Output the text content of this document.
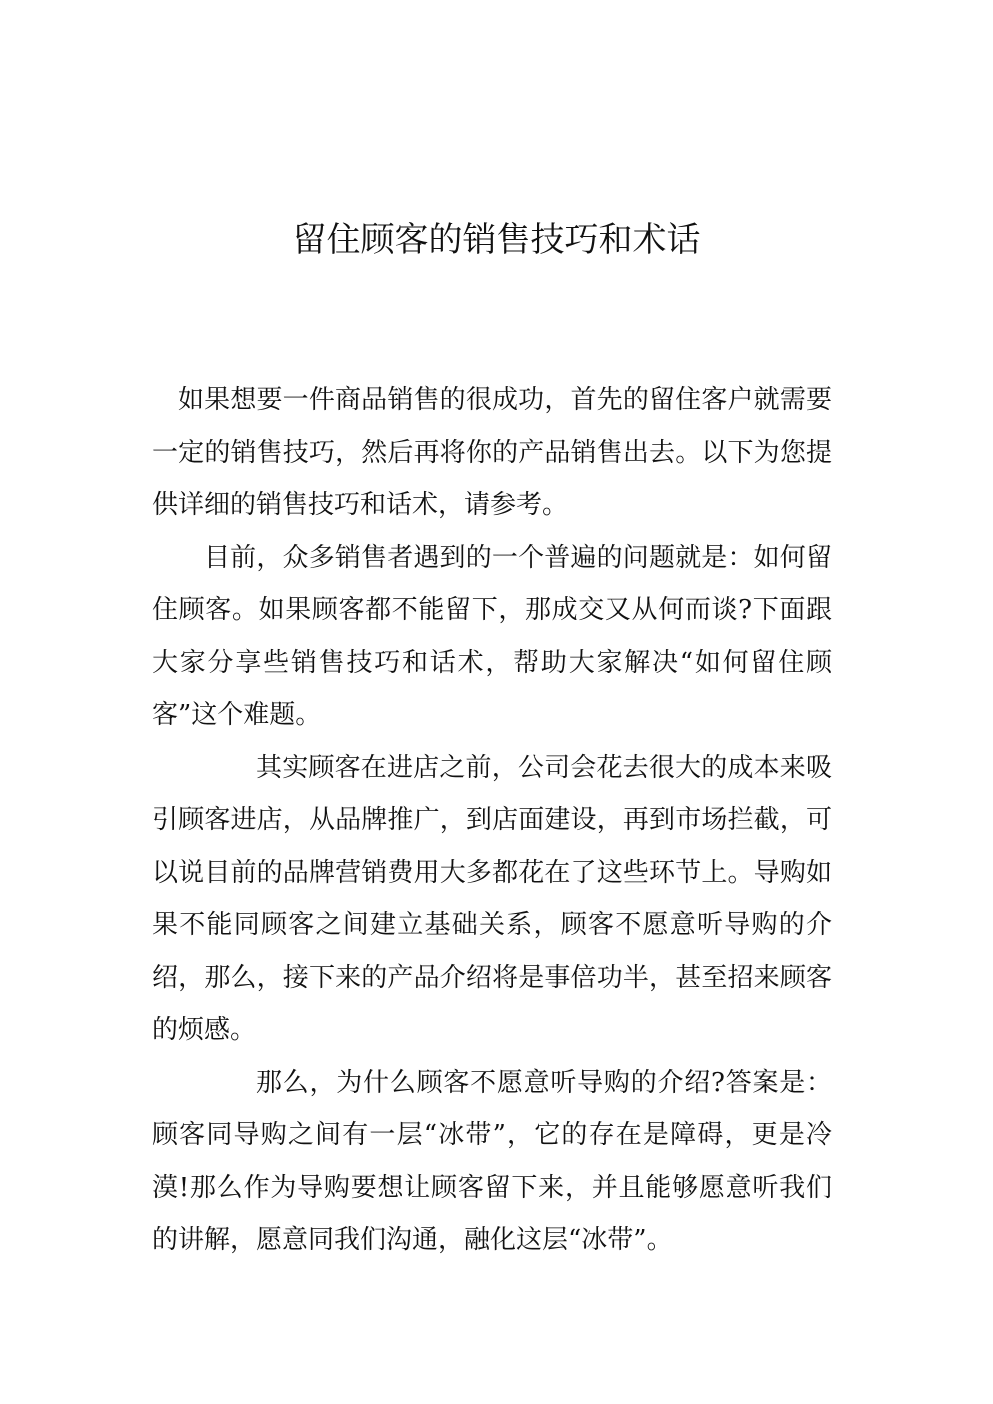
留住顾客的销售技巧和术话

如果想要一件商品销售的很成功，首先的留住客户就需要一定的销售技巧，然后再将你的产品销售出去。以下为您提供详细的销售技巧和话术，请参考。

目前，众多销售者遇到的一个普遍的问题就是：如何留住顾客。如果顾客都不能留下，那成交又从何而谈?下面跟大家分享些销售技巧和话术，帮助大家解决“如何留住顾客”这个难题。

其实顾客在进店之前，公司会花去很大的成本来吸引顾客进店，从品牌推广，到店面建设，再到市场拦截，可以说目前的品牌营销费用大多都花在了这些环节上。导购如果不能同顾客之间建立基础关系，顾客不愿意听导购的介绍，那么，接下来的产品介绍将是事倍功半，甚至招来顾客的烦感。

那么，为什么顾客不愿意听导购的介绍?答案是：顾客同导购之间有一层“冰带”，它的存在是障碍，更是冷漠!那么作为导购要想让顾客留下来，并且能够愿意听我们的讲解，愿意同我们沟通，融化这层“冰带”。
